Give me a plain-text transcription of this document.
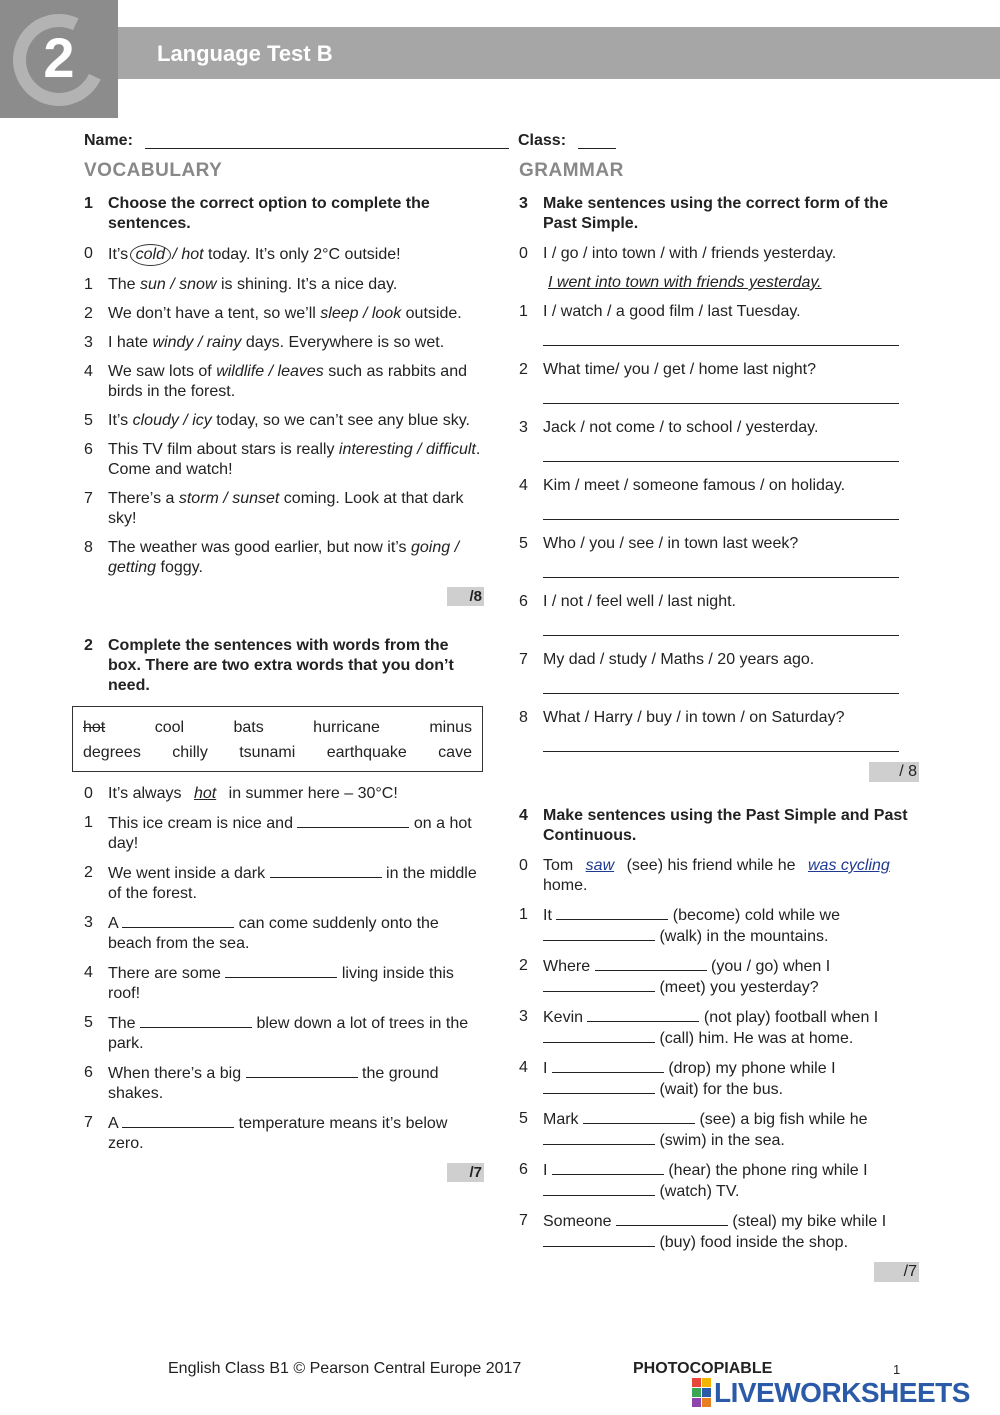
2	Language Test B
Name:	Class:
VOCABULARY
1 Choose the correct option to complete the sentences.
0 It’s cold / hot today. It’s only 2°C outside!
1 The sun / snow is shining. It’s a nice day.
2 We don’t have a tent, so we’ll sleep / look outside.
3 I hate windy / rainy days. Everywhere is so wet.
4 We saw lots of wildlife / leaves such as rabbits and birds in the forest.
5 It’s cloudy / icy today, so we can’t see any blue sky.
6 This TV film about stars is really interesting / difficult. Come and watch!
7 There’s a storm / sunset coming. Look at that dark sky!
8 The weather was good earlier, but now it’s going / getting foggy.
/8
2 Complete the sentences with words from the box. There are two extra words that you don’t need.
hot	cool	bats	hurricane	minus
degrees chilly tsunami earthquake cave
0 It’s always hot in summer here – 30°C!
1 This ice cream is nice and	on a hot day!
2 We went inside a dark	in the middle of the forest.
3 A	can come suddenly onto the beach from the sea.
4 There are some	living inside this roof!
5 The	blew down a lot of trees in the park.
6 When there’s a big	the ground shakes.
7 A	temperature means it’s below zero.
/7
GRAMMAR
3 Make sentences using the correct form of the Past Simple.
0 I / go / into town / with / friends yesterday.
I went into town with friends yesterday.
1 I / watch / a good film / last Tuesday.
2 What time/ you / get / home last night?
3 Jack / not come / to school / yesterday.
4 Kim / meet / someone famous / on holiday.
5 Who / you / see / in town last week?
6 I / not / feel well / last night.
7 My dad / study / Maths / 20 years ago.
8 What / Harry / buy / in town / on Saturday?
/ 8
4 Make sentences using the Past Simple and Past Continuous.
0 Tom saw (see) his friend while he was cycling
home.
1 It	(become) cold while we
(walk) in the mountains.
2 Where	(you / go) when I
(meet) you yesterday?
3 Kevin	(not play) football when I
(call) him. He was at home.
4 I	(drop) my phone while I
(wait) for the bus.
5 Mark	(see) a big fish while he
(swim) in the sea.
6 I	(hear) the phone ring while I
(watch) TV.
7 Someone	(steal) my bike while I
(buy) food inside the shop.
/7
English Class B1 © Pearson Central Europe 2017	PHOTOCOPIABLE	1
LIVEWORKSHEETS
